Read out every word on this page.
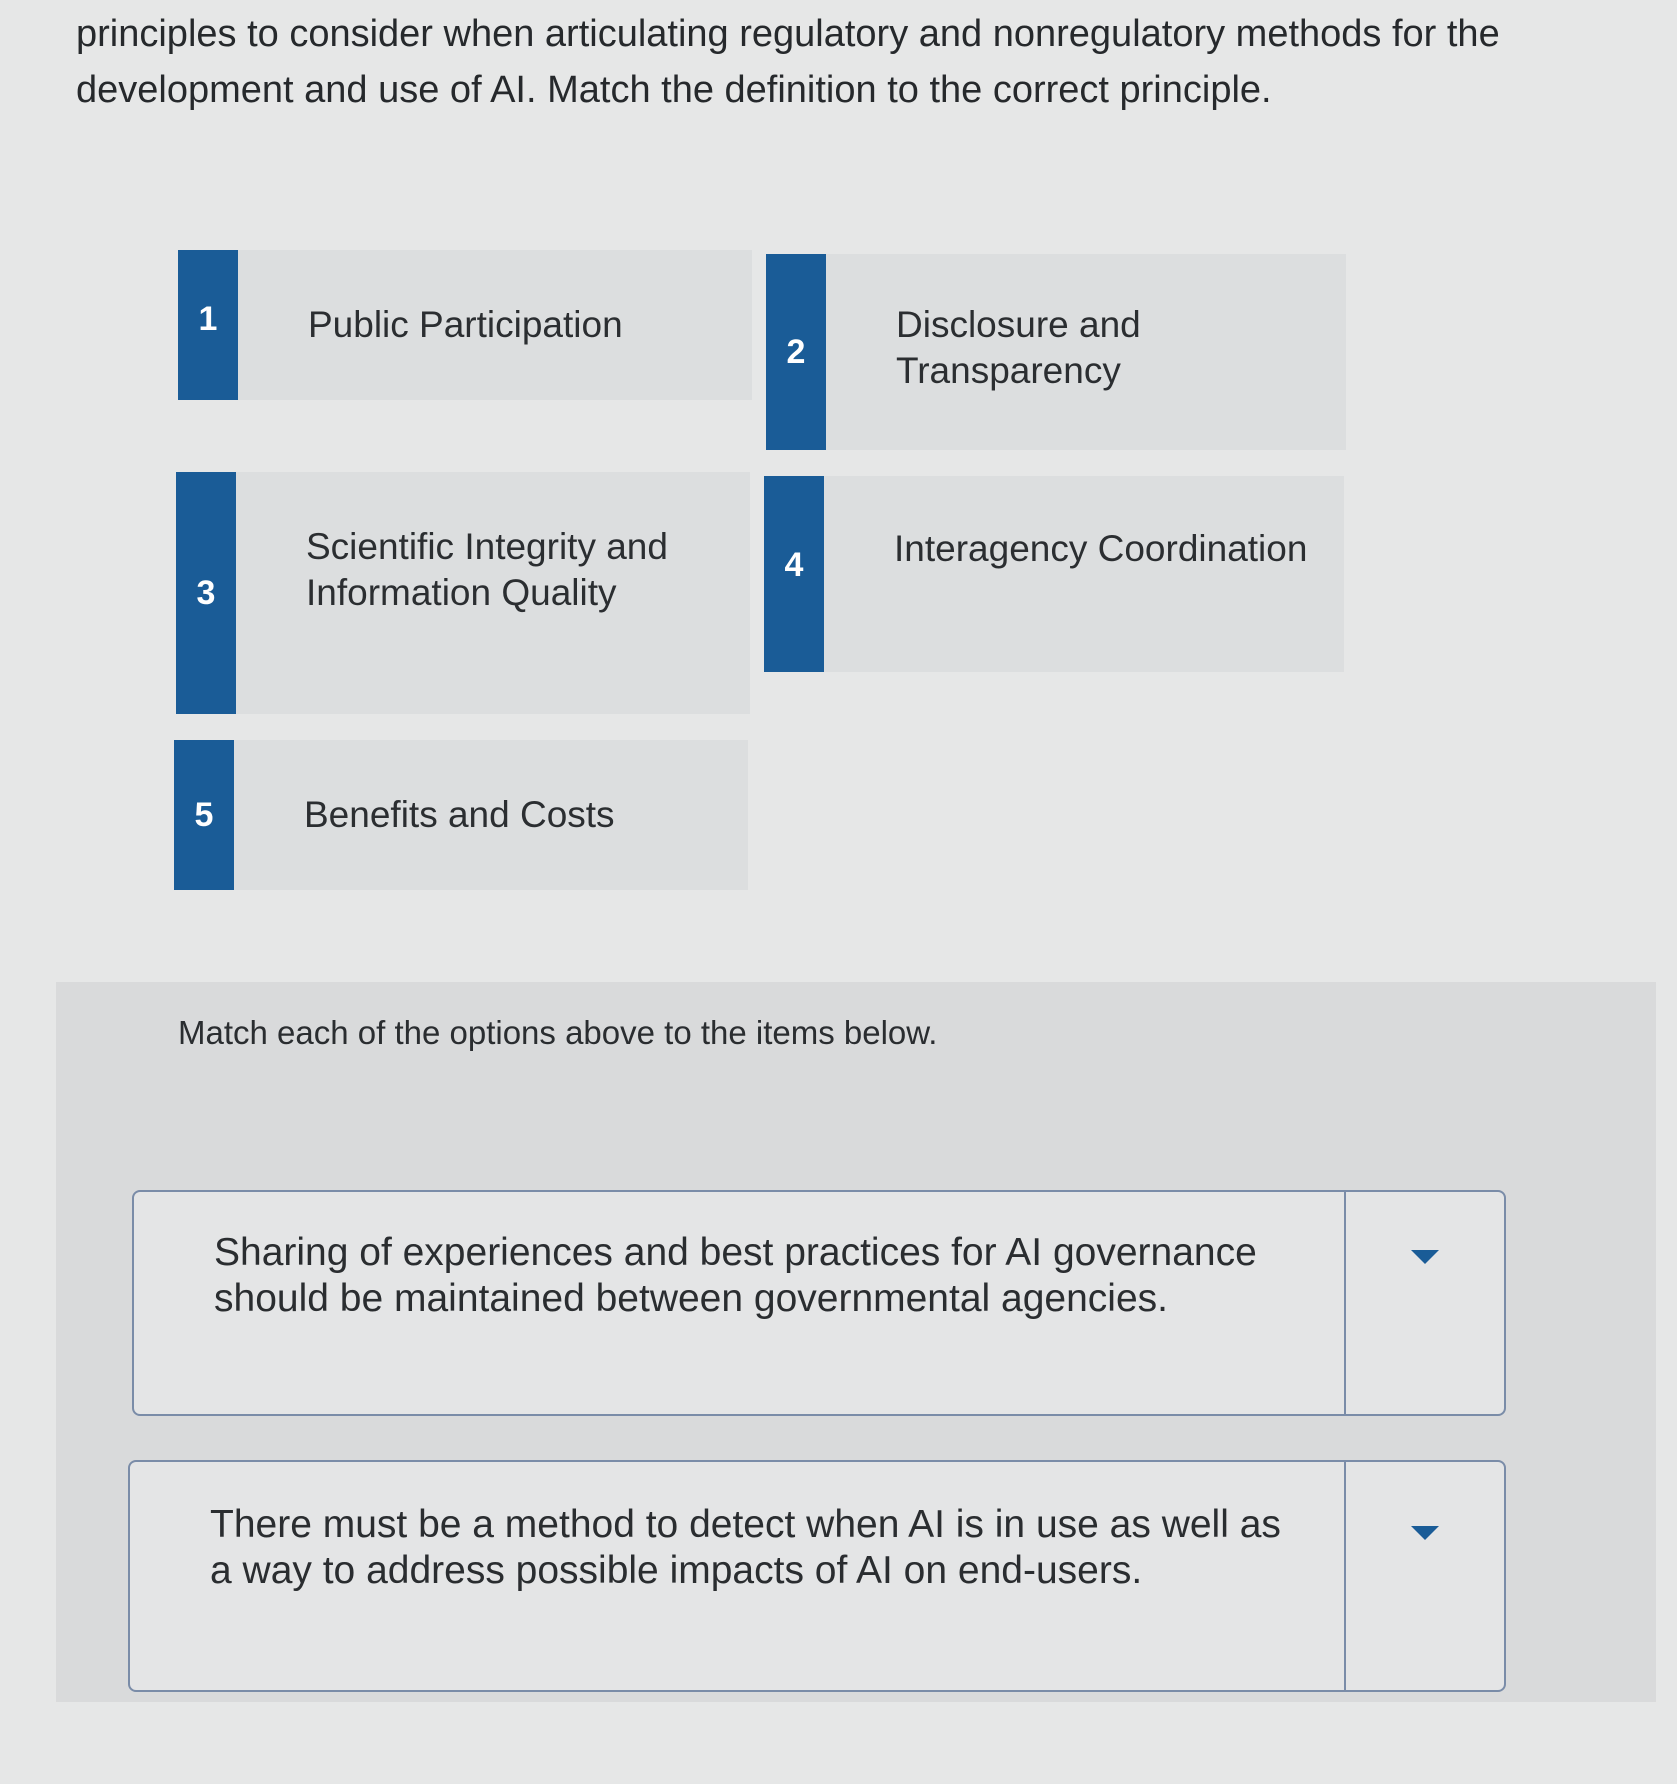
principles to consider when articulating regulatory and nonregulatory methods for the development and use of AI. Match the definition to the correct principle.

1	Public Participation
2
Disclosure and Transparency
3
Scientific Integrity and Information Quality
4	Interagency Coordination
5	Benefits and Costs

Match each of the options above to the items below.

Sharing of experiences and best practices for AI governance should be maintained between governmental agencies.
There must be a method to detect when AI is in use as well as a way to address possible impacts of AI on end-users.
